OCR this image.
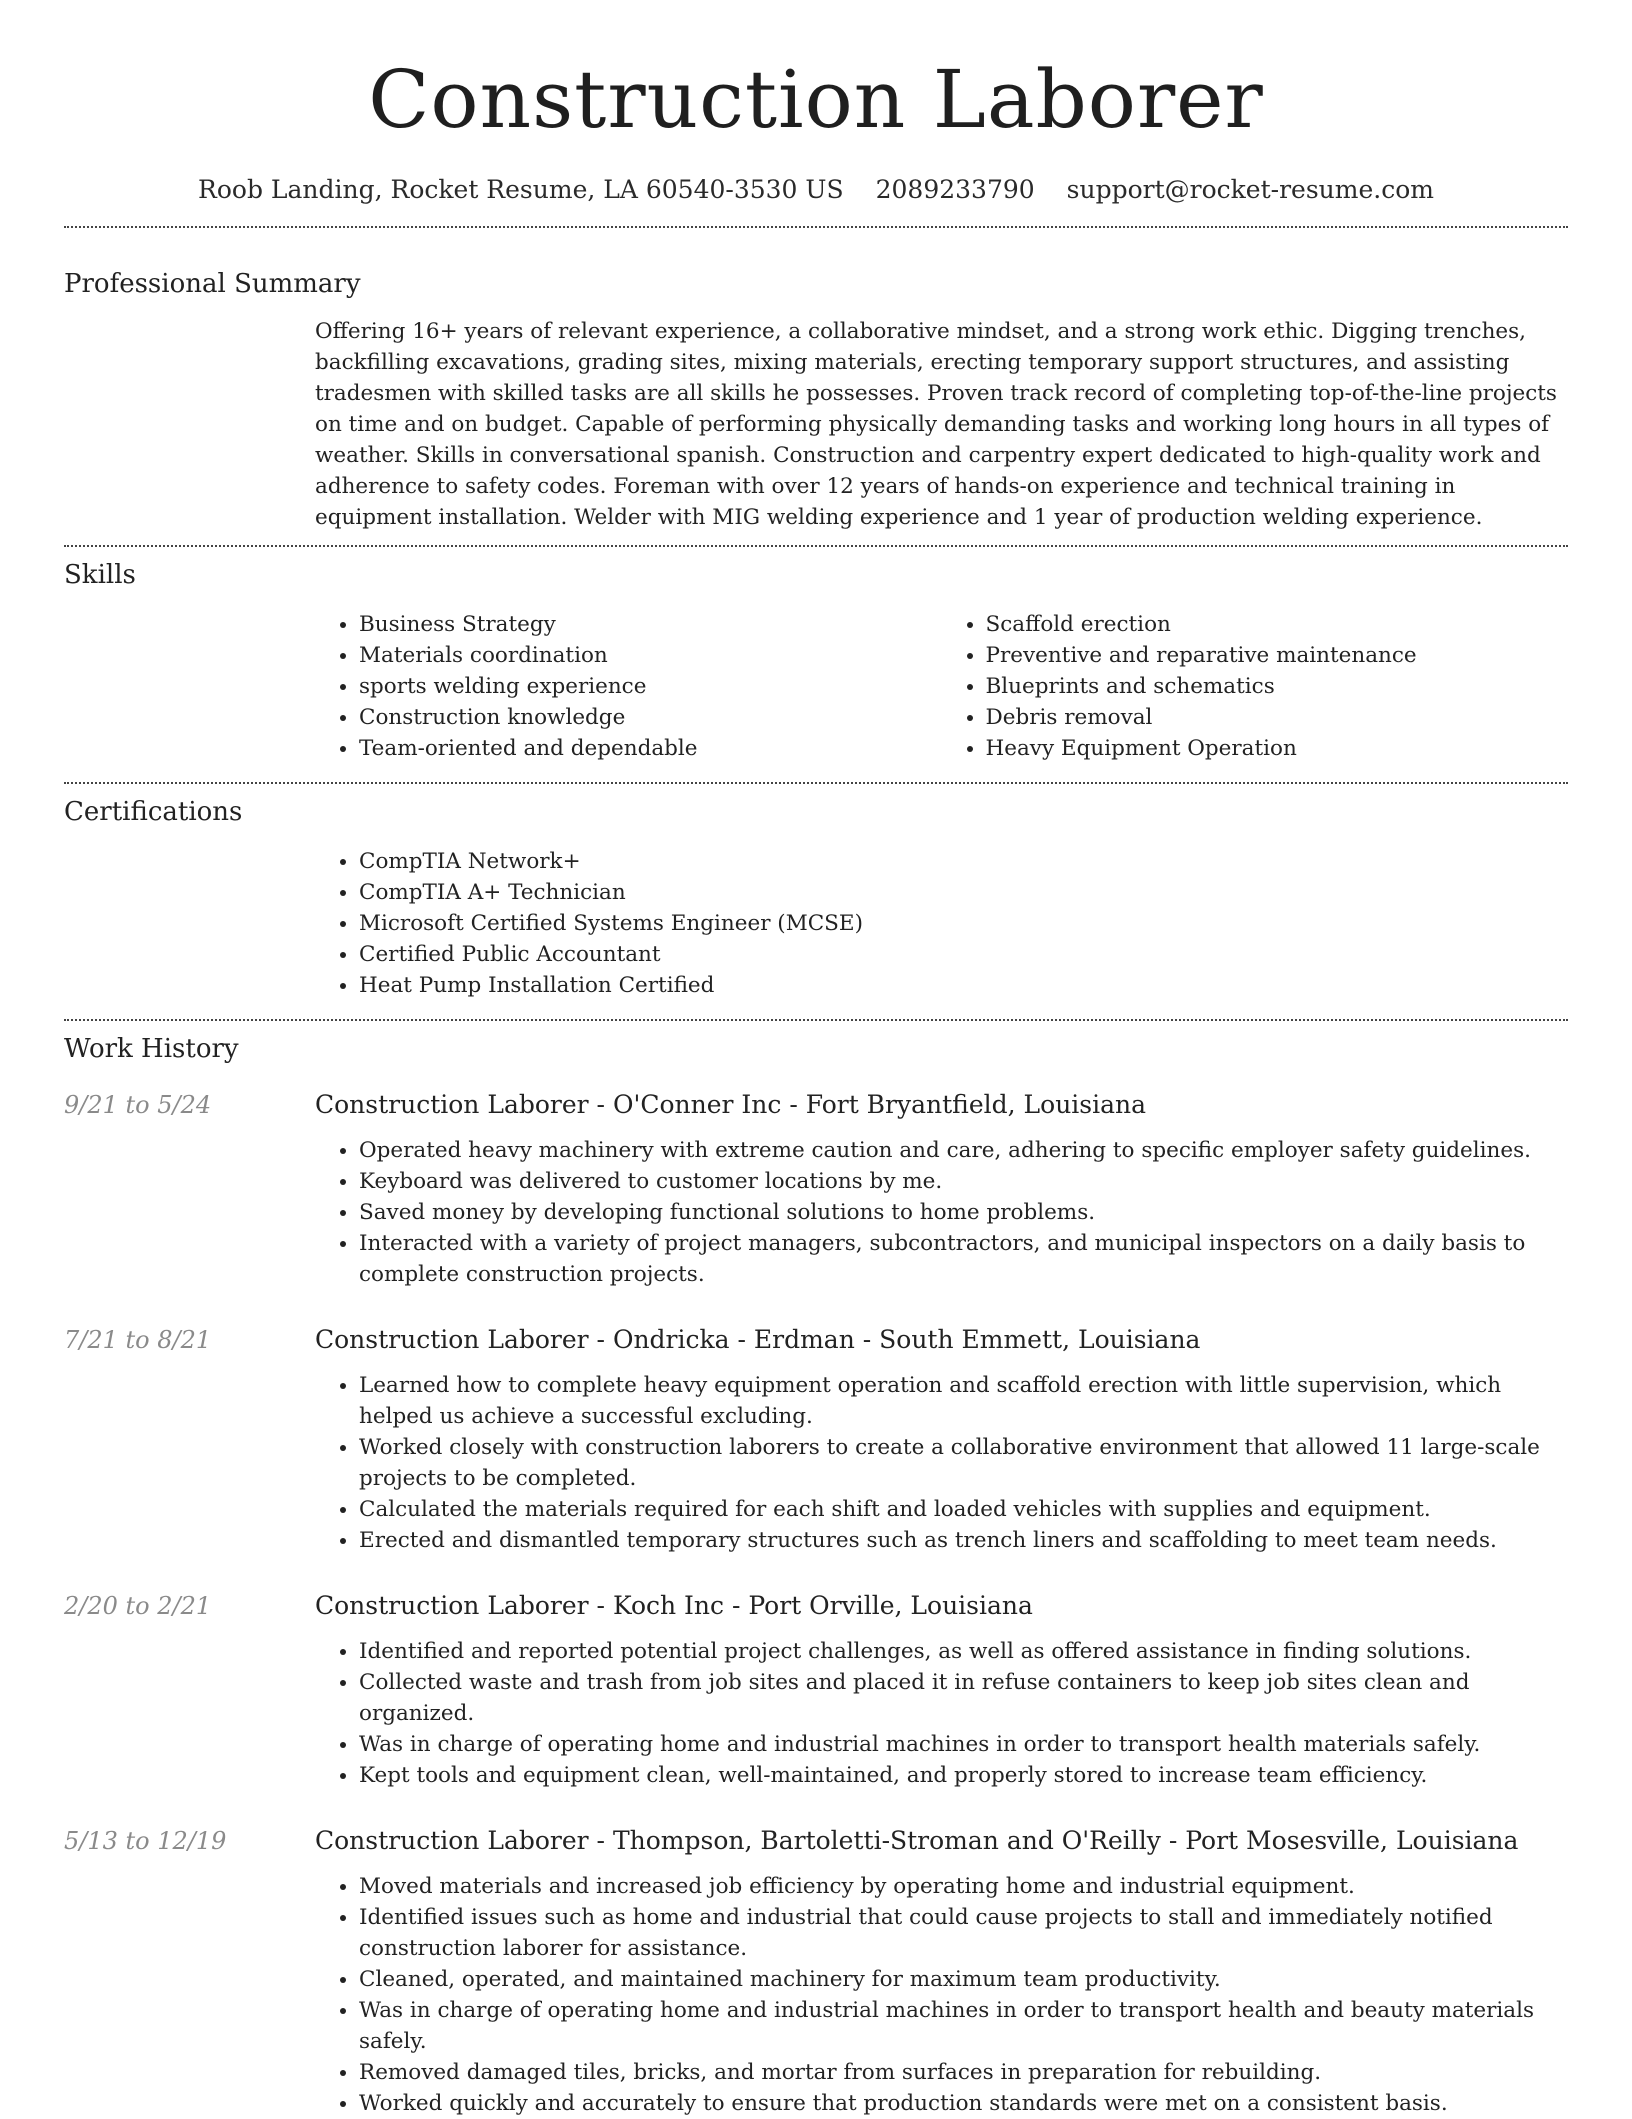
Construction Laborer
Roob Landing, Rocket Resume, LA 60540-3530 US 2089233790 support@rocket-resume.com
Professional Summary
Offering 16+ years of relevant experience, a collaborative mindset, and a strong work ethic. Digging trenches, backfilling excavations, grading sites, mixing materials, erecting temporary support structures, and assisting tradesmen with skilled tasks are all skills he possesses. Proven track record of completing top-of-the-line projects on time and on budget. Capable of performing physically demanding tasks and working long hours in all types of weather. Skills in conversational spanish. Construction and carpentry expert dedicated to high-quality work and adherence to safety codes. Foreman with over 12 years of hands-on experience and technical training in equipment installation. Welder with MIG welding experience and 1 year of production welding experience.
Skills
• Business Strategy
• Materials coordination
• sports welding experience
• Construction knowledge
• Team-oriented and dependable
• Scaffold erection
• Preventive and reparative maintenance
• Blueprints and schematics
• Debris removal
• Heavy Equipment Operation
Certifications
• CompTIA Network+
• CompTIA A+ Technician
• Microsoft Certified Systems Engineer (MCSE)
• Certified Public Accountant
• Heat Pump Installation Certified
Work History
9/21 to 5/24	Construction Laborer - O'Conner Inc - Fort Bryantfield, Louisiana
• Operated heavy machinery with extreme caution and care, adhering to specific employer safety guidelines.
• Keyboard was delivered to customer locations by me.
• Saved money by developing functional solutions to home problems.
• Interacted with a variety of project managers, subcontractors, and municipal inspectors on a daily basis to complete construction projects.
7/21 to 8/21	Construction Laborer - Ondricka - Erdman - South Emmett, Louisiana
• Learned how to complete heavy equipment operation and scaffold erection with little supervision, which helped us achieve a successful excluding.
• Worked closely with construction laborers to create a collaborative environment that allowed 11 large-scale projects to be completed.
• Calculated the materials required for each shift and loaded vehicles with supplies and equipment.
• Erected and dismantled temporary structures such as trench liners and scaffolding to meet team needs.
2/20 to 2/21	Construction Laborer - Koch Inc - Port Orville, Louisiana
• Identified and reported potential project challenges, as well as offered assistance in finding solutions.
• Collected waste and trash from job sites and placed it in refuse containers to keep job sites clean and organized.
• Was in charge of operating home and industrial machines in order to transport health materials safely.
• Kept tools and equipment clean, well-maintained, and properly stored to increase team efficiency.
5/13 to 12/19	Construction Laborer - Thompson, Bartoletti-Stroman and O'Reilly - Port Mosesville, Louisiana
• Moved materials and increased job efficiency by operating home and industrial equipment.
• Identified issues such as home and industrial that could cause projects to stall and immediately notified construction laborer for assistance.
• Cleaned, operated, and maintained machinery for maximum team productivity.
• Was in charge of operating home and industrial machines in order to transport health and beauty materials safely.
• Removed damaged tiles, bricks, and mortar from surfaces in preparation for rebuilding.
• Worked quickly and accurately to ensure that production standards were met on a consistent basis.
